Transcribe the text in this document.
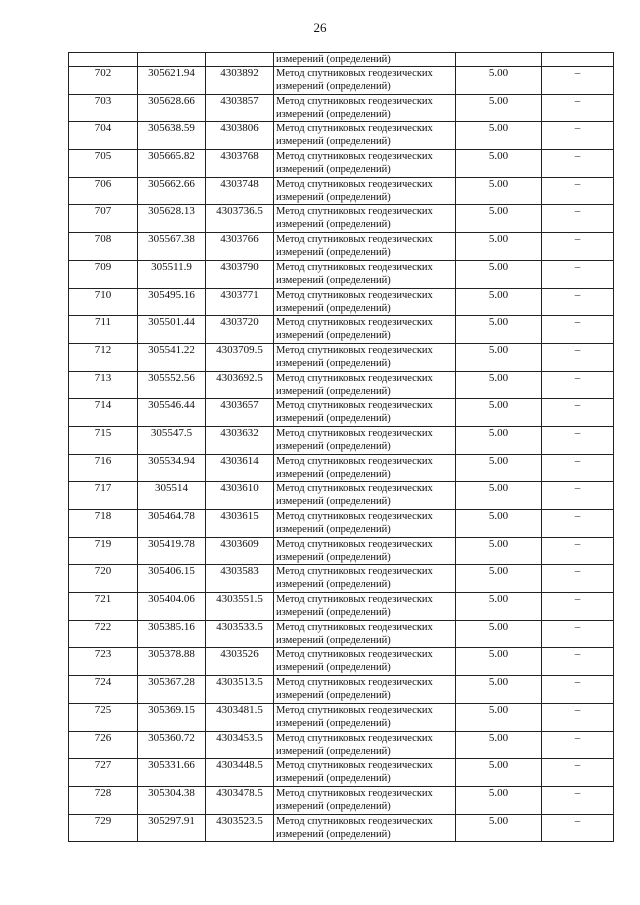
26
			измерений (определений)		
702	305621.94	4303892	Метод спутниковых геодезических измерений (определений)	5.00	–
703	305628.66	4303857	Метод спутниковых геодезических измерений (определений)	5.00	–
704	305638.59	4303806	Метод спутниковых геодезических измерений (определений)	5.00	–
705	305665.82	4303768	Метод спутниковых геодезических измерений (определений)	5.00	–
706	305662.66	4303748	Метод спутниковых геодезических измерений (определений)	5.00	–
707	305628.13	4303736.5	Метод спутниковых геодезических измерений (определений)	5.00	–
708	305567.38	4303766	Метод спутниковых геодезических измерений (определений)	5.00	–
709	305511.9	4303790	Метод спутниковых геодезических измерений (определений)	5.00	–
710	305495.16	4303771	Метод спутниковых геодезических измерений (определений)	5.00	–
711	305501.44	4303720	Метод спутниковых геодезических измерений (определений)	5.00	–
712	305541.22	4303709.5	Метод спутниковых геодезических измерений (определений)	5.00	–
713	305552.56	4303692.5	Метод спутниковых геодезических измерений (определений)	5.00	–
714	305546.44	4303657	Метод спутниковых геодезических измерений (определений)	5.00	–
715	305547.5	4303632	Метод спутниковых геодезических измерений (определений)	5.00	–
716	305534.94	4303614	Метод спутниковых геодезических измерений (определений)	5.00	–
717	305514	4303610	Метод спутниковых геодезических измерений (определений)	5.00	–
718	305464.78	4303615	Метод спутниковых геодезических измерений (определений)	5.00	–
719	305419.78	4303609	Метод спутниковых геодезических измерений (определений)	5.00	–
720	305406.15	4303583	Метод спутниковых геодезических измерений (определений)	5.00	–
721	305404.06	4303551.5	Метод спутниковых геодезических измерений (определений)	5.00	–
722	305385.16	4303533.5	Метод спутниковых геодезических измерений (определений)	5.00	–
723	305378.88	4303526	Метод спутниковых геодезических измерений (определений)	5.00	–
724	305367.28	4303513.5	Метод спутниковых геодезических измерений (определений)	5.00	–
725	305369.15	4303481.5	Метод спутниковых геодезических измерений (определений)	5.00	–
726	305360.72	4303453.5	Метод спутниковых геодезических измерений (определений)	5.00	–
727	305331.66	4303448.5	Метод спутниковых геодезических измерений (определений)	5.00	–
728	305304.38	4303478.5	Метод спутниковых геодезических измерений (определений)	5.00	–
729	305297.91	4303523.5	Метод спутниковых геодезических измерений (определений)	5.00	–
